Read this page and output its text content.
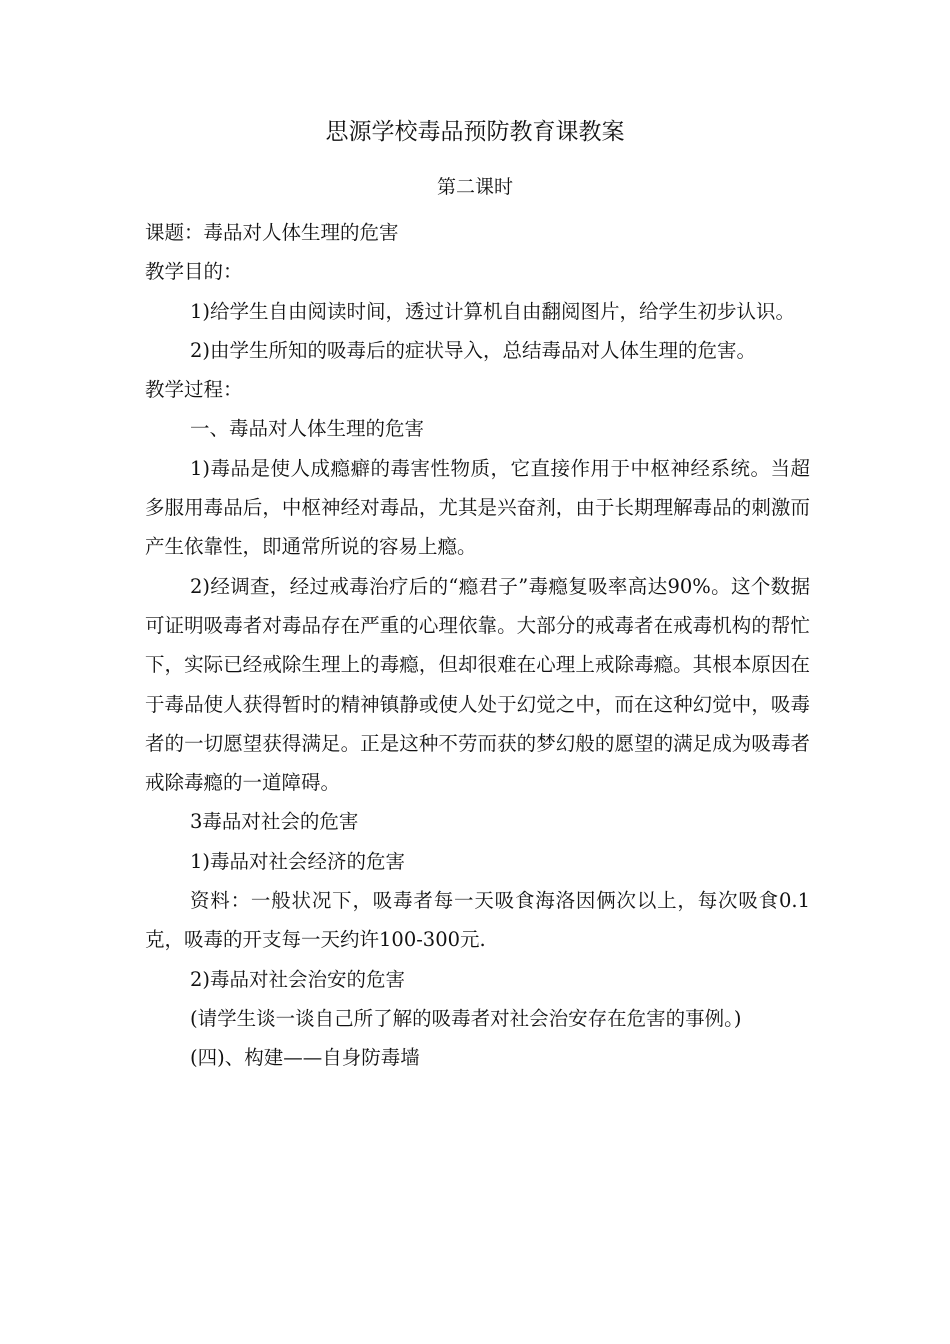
思源学校毒品预防教育课教案
第二课时

课题：毒品对人体生理的危害

教学目的：

1)给学生自由阅读时间，透过计算机自由翻阅图片，给学生初步认识。

2)由学生所知的吸毒后的症状导入，总结毒品对人体生理的危害。

教学过程：

一、毒品对人体生理的危害

1)毒品是使人成瘾癖的毒害性物质，它直接作用于中枢神经系统。当超多服用毒品后，中枢神经对毒品，尤其是兴奋剂，由于长期理解毒品的刺激而产生依靠性，即通常所说的容易上瘾。

2)经调查，经过戒毒治疗后的“瘾君子”毒瘾复吸率高达90%。这个数据可证明吸毒者对毒品存在严重的心理依靠。大部分的戒毒者在戒毒机构的帮忙下，实际已经戒除生理上的毒瘾，但却很难在心理上戒除毒瘾。其根本原因在于毒品使人获得暂时的精神镇静或使人处于幻觉之中，而在这种幻觉中，吸毒者的一切愿望获得满足。正是这种不劳而获的梦幻般的愿望的满足成为吸毒者戒除毒瘾的一道障碍。

3毒品对社会的危害

1)毒品对社会经济的危害

资料：一般状况下，吸毒者每一天吸食海洛因俩次以上，每次吸食0.1克，吸毒的开支每一天约许100-300元.

2)毒品对社会治安的危害

(请学生谈一谈自己所了解的吸毒者对社会治安存在危害的事例。)

(四)、构建——自身防毒墙
